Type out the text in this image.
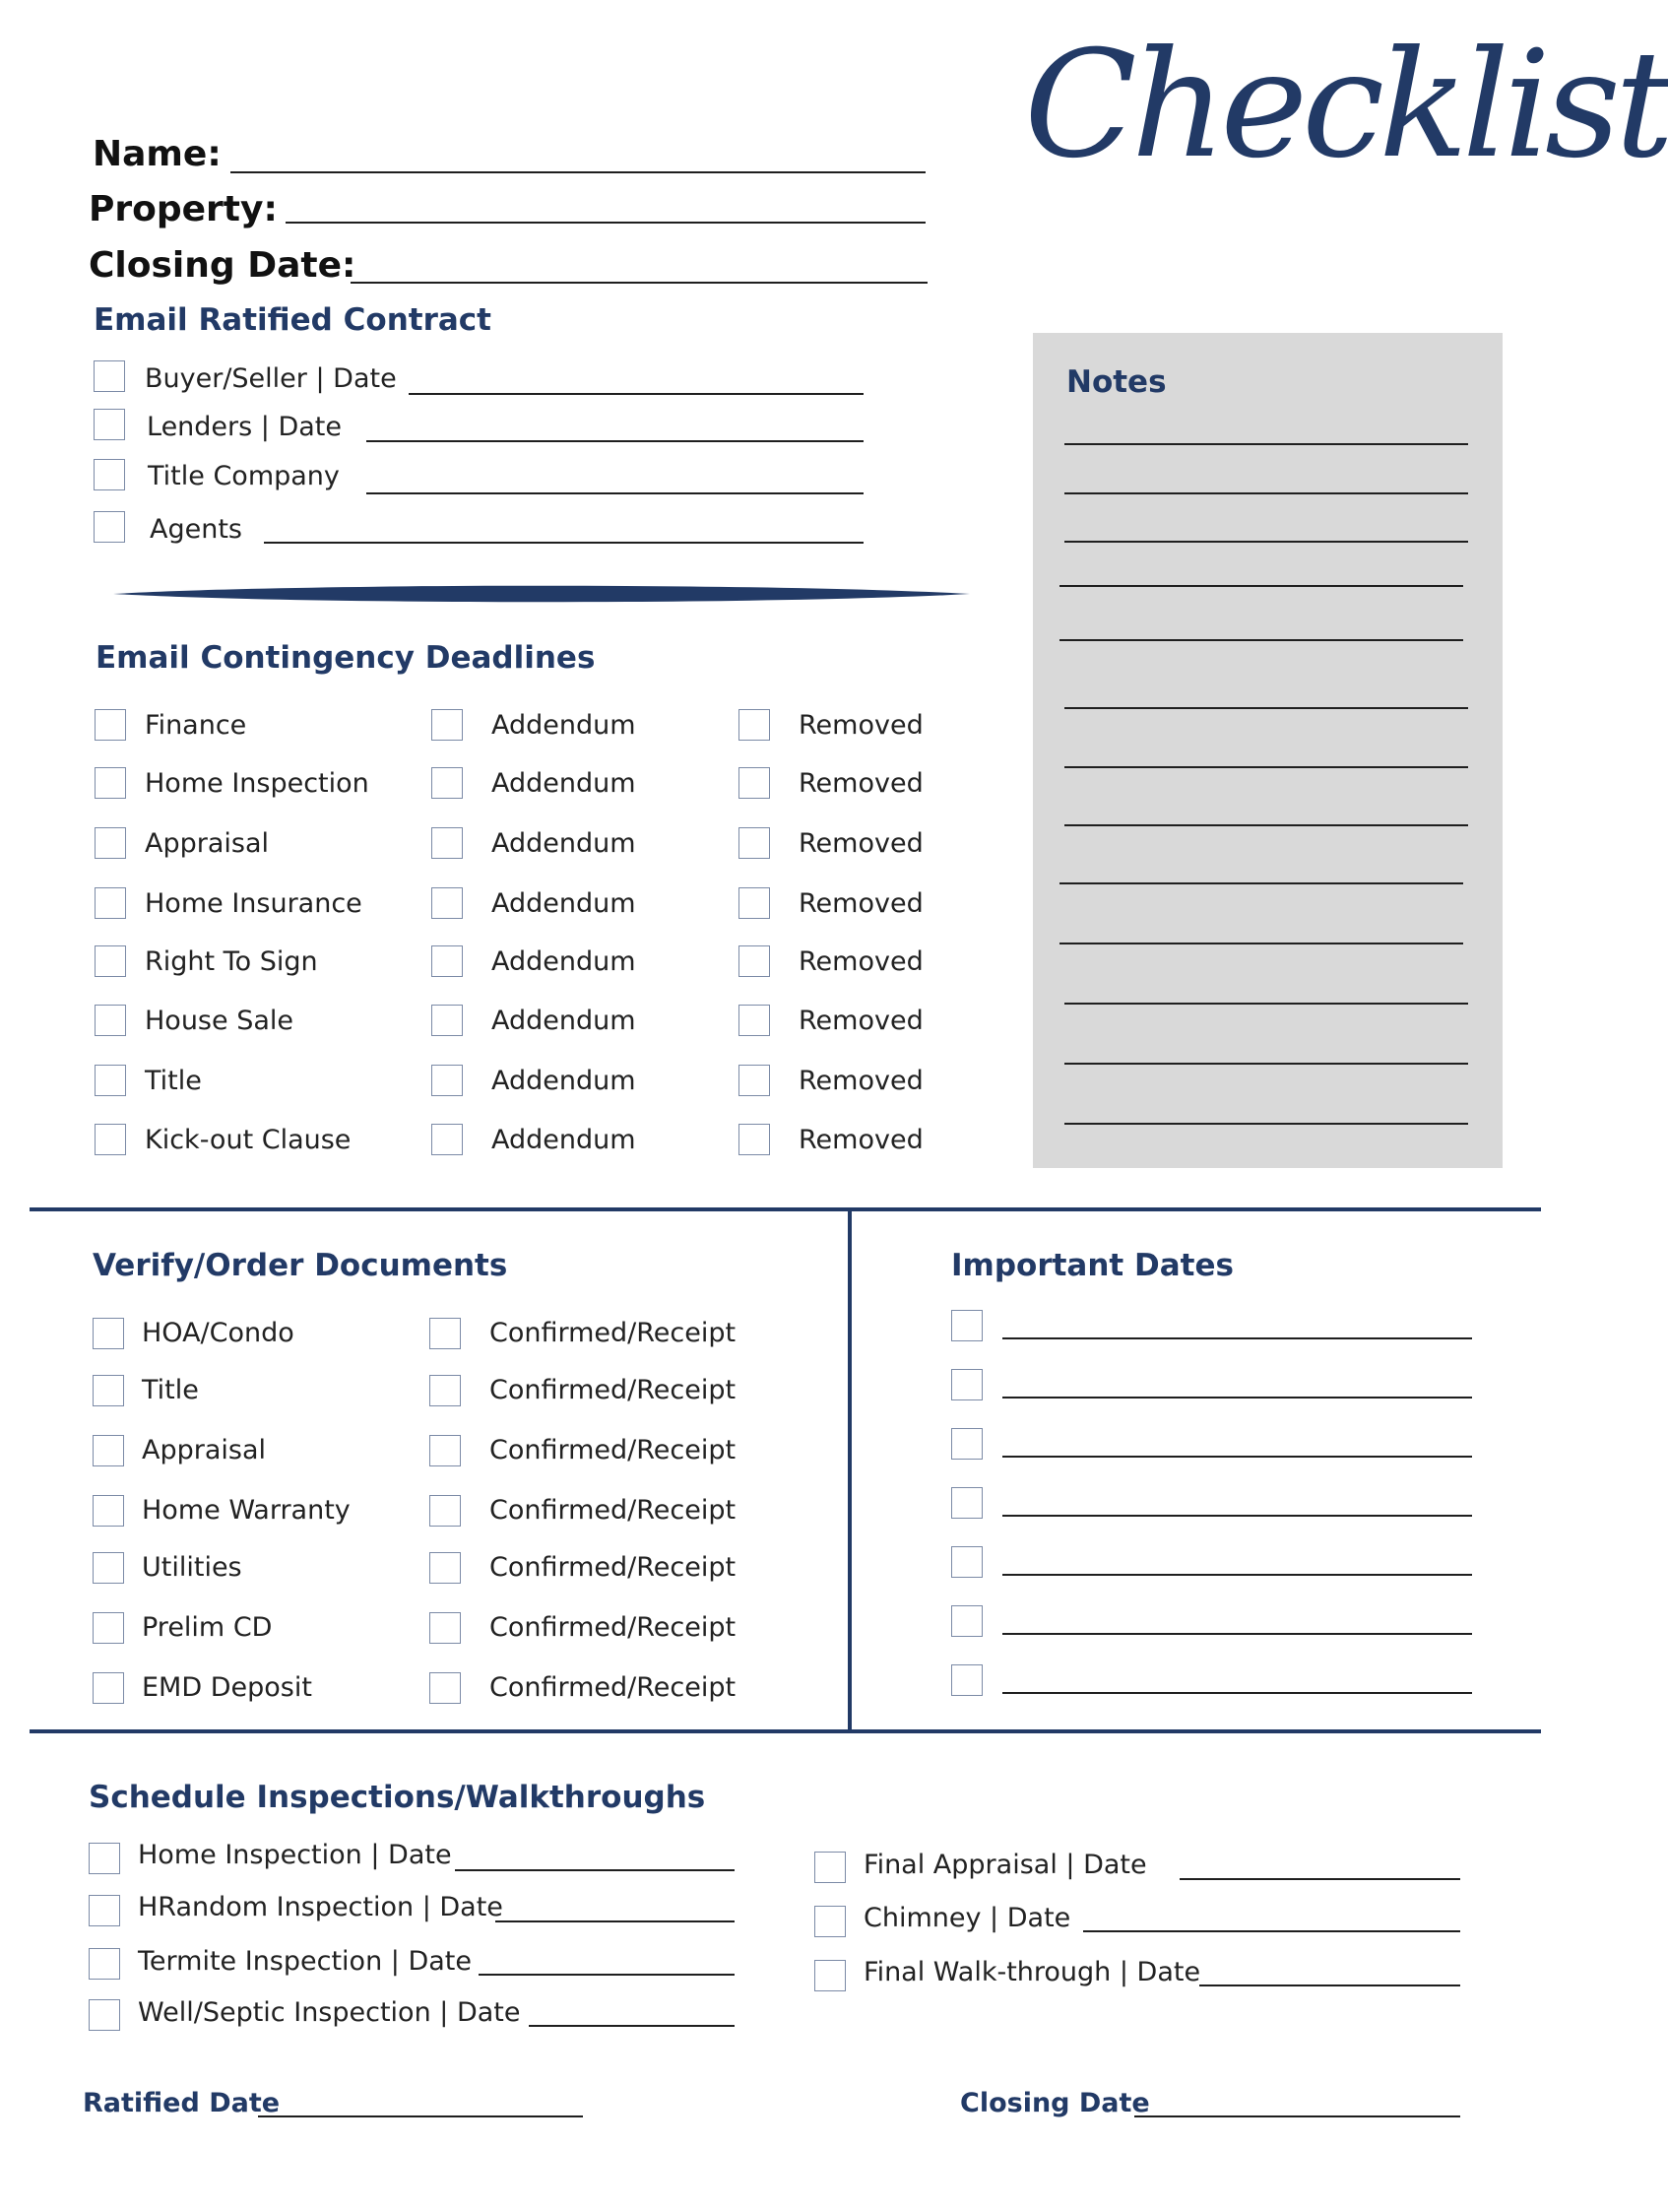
Checklist
Name:
Property:
Closing Date:
Email Ratified Contract
Buyer/Seller | Date
Lenders | Date
Title Company
Agents
Notes
Email Contingency Deadlines
Finance	Addendum	Removed
Home Inspection	Addendum	Removed
Appraisal	Addendum	Removed
Home Insurance	Addendum	Removed
Right To Sign	Addendum	Removed
House Sale	Addendum	Removed
Title	Addendum	Removed
Kick-out Clause	Addendum	Removed
Verify/Order Documents
HOA/Condo	Confirmed/Receipt
Title	Confirmed/Receipt
Appraisal	Confirmed/Receipt
Home Warranty	Confirmed/Receipt
Utilities	Confirmed/Receipt
Prelim CD	Confirmed/Receipt
EMD Deposit	Confirmed/Receipt
Important Dates
Schedule Inspections/Walkthroughs
Home Inspection | Date
HRandom Inspection | Date
Termite Inspection | Date
Well/Septic Inspection | Date
Final Appraisal | Date
Chimney | Date
Final Walk-through | Date
Ratified Date	Closing Date
